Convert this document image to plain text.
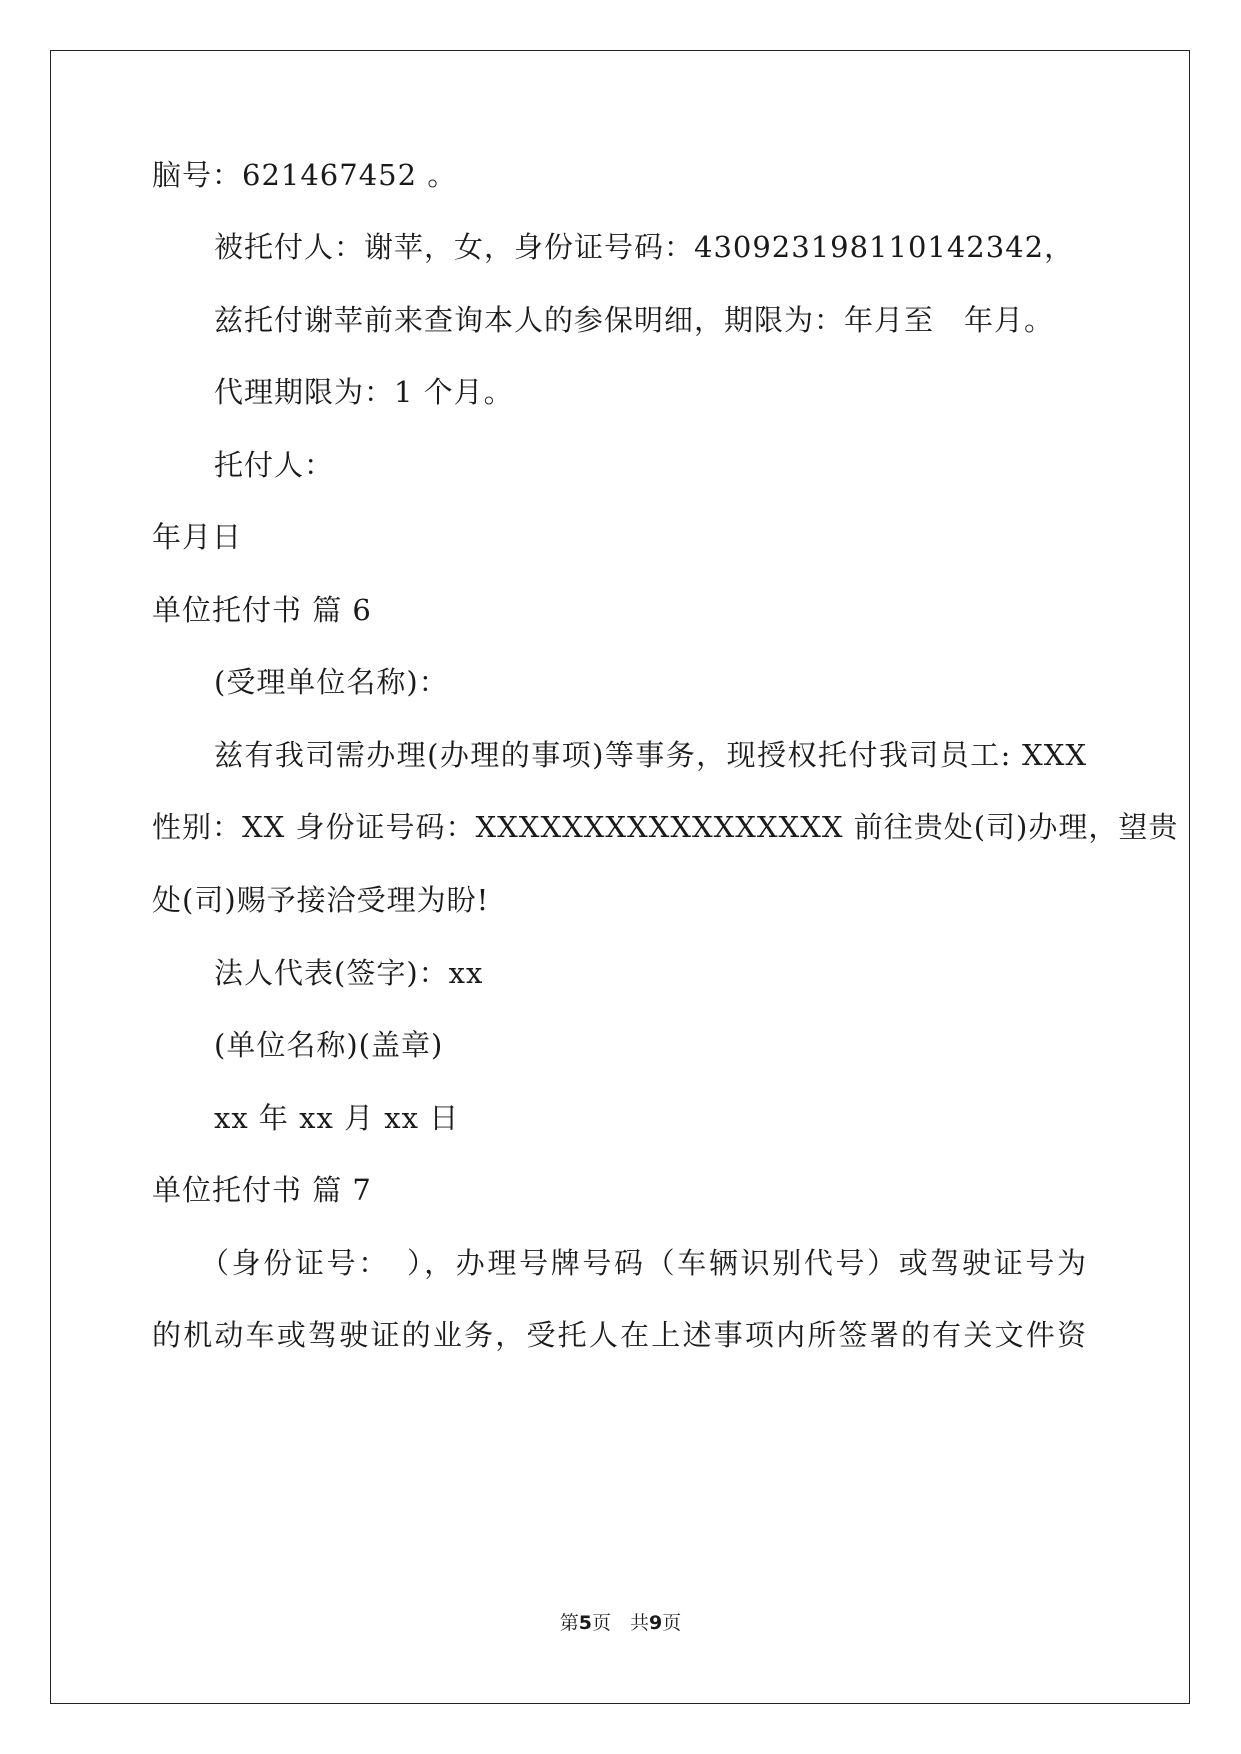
脑号：621467452 。
被托付人：谢苹，女，身份证号码：430923198110142342，
兹托付谢苹前来查询本人的参保明细，期限为：年月至　年月。
代理期限为：1 个月。
托付人：
年月日
单位托付书 篇 6
(受理单位名称)：
兹有我司需办理(办理的事项)等事务，现授权托付我司员工: XXX
性别：XX 身份证号码：XXXXXXXXXXXXXXXXX 前往贵处(司)办理，望贵
处(司)赐予接洽受理为盼!
法人代表(签字)：xx
(单位名称)(盖章)
xx 年 xx 月 xx 日
单位托付书 篇 7
（身份证号：　），办理号牌号码（车辆识别代号）或驾驶证号为
的机动车或驾驶证的业务，受托人在上述事项内所签署的有关文件资
第5页　共9页
